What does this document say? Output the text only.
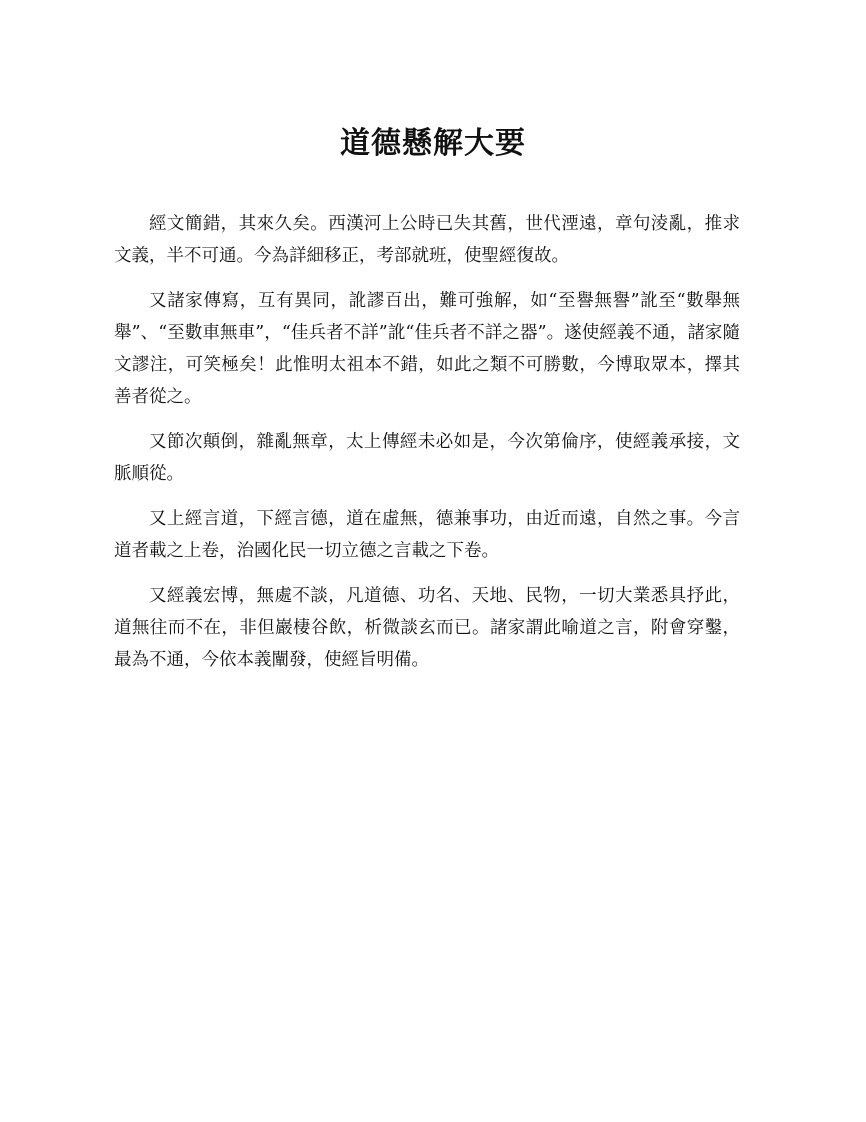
道德懸解大要

經文簡錯，其來久矣。西漢河上公時已失其舊，世代湮遠，章句淩亂，推求文義，半不可通。今為詳細移正，考部就班，使聖經復故。

又諸家傳寫，互有異同，訛謬百出，難可強解，如“至譽無譽”訛至“數舉無舉”、“至數車無車”，“佳兵者不詳”訛“佳兵者不詳之器”。遂使經義不通，諸家隨文謬注，可笑極矣！此惟明太祖本不錯，如此之類不可勝數，今博取眾本，擇其善者從之。

又節次顛倒，雜亂無章，太上傳經未必如是，今次第倫序，使經義承接，文脈順從。

又上經言道，下經言德，道在虛無，德兼事功，由近而遠，自然之事。今言道者載之上卷，治國化民一切立德之言載之下卷。

又經義宏博，無處不談，凡道德、功名、天地、民物，一切大業悉具抒此，道無往而不在，非但巖棲谷飲，析微談玄而已。諸家謂此喻道之言，附會穿鑿，最為不通，今依本義闡發，使經旨明備。
